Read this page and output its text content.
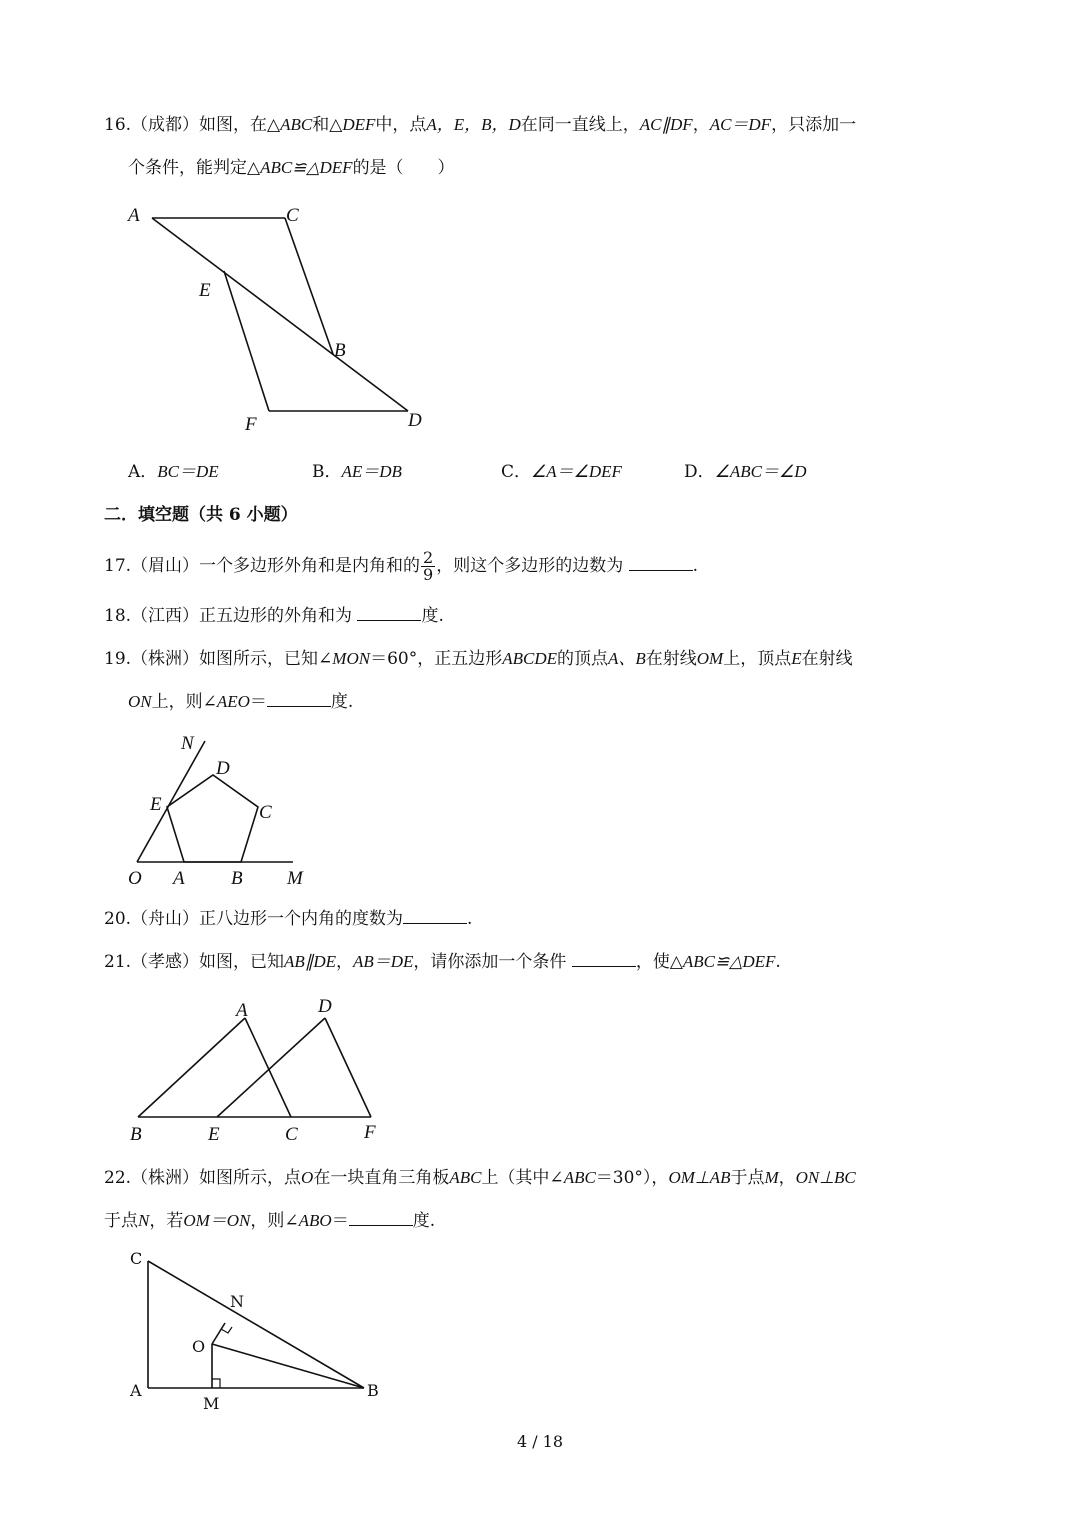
16.（成都）如图，在△ABC和△DEF中，点A，E，B，D在同一直线上，AC∥DF，AC＝DF，只添加一
个条件，能判定△ABC≌△DEF的是（　　）
A	C
E
B
F	D
N
D
E	C
O A B M
A	D
B	E	C	F
C
N
O
A
M
B
A．BC＝DE	B．AE＝DB	C．∠A＝∠DEF	D．∠ABC＝∠D
二．填空题（共 6 小题）
17.（眉山）一个多边形外角和是内角和的 $\frac{2}{9}$ ，则这个多边形的边数为	.
18.（江西）正五边形的外角和为	度.
19.（株洲）如图所示，已知∠MON＝60°，正五边形ABCDE的顶点A、B在射线OM上，顶点E在射线
ON上，则∠AEO＝	度.
20.（舟山）正八边形一个内角的度数为	.
21.（孝感）如图，已知AB∥DE，AB＝DE，请你添加一个条件	，使△ABC≌△DEF.
22.（株洲）如图所示，点O在一块直角三角板ABC上（其中∠ABC＝30°），OM⊥AB于点M，ON⊥BC
于点N，若OM＝ON，则∠ABO＝	度.
4 / 18
